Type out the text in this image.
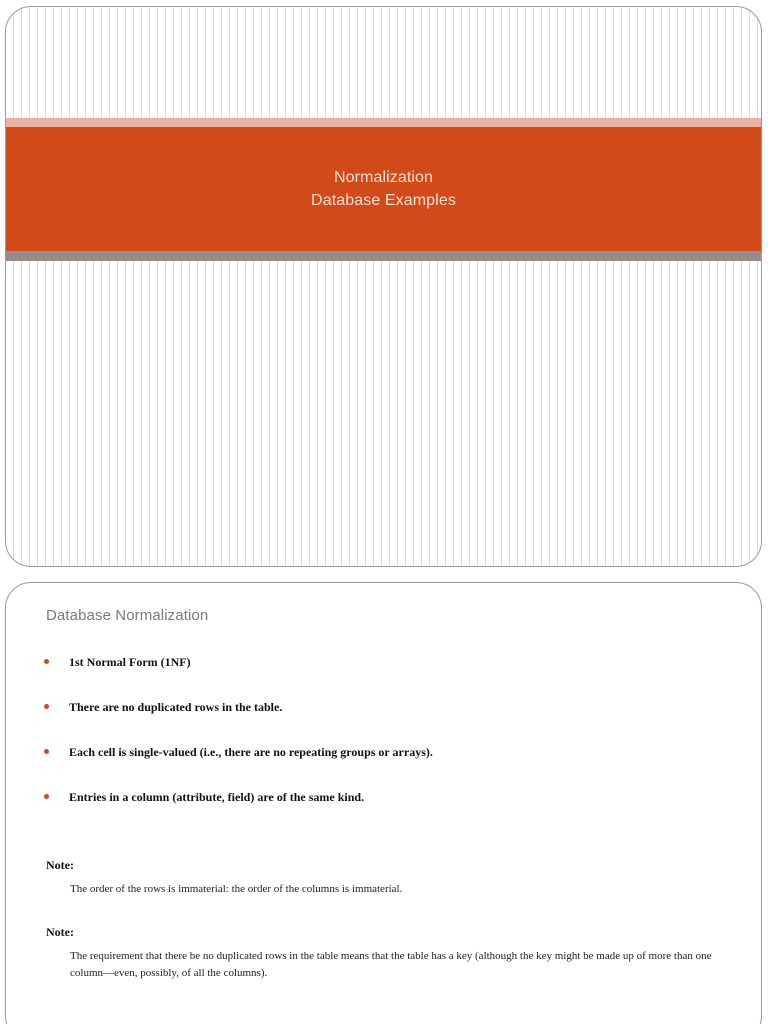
Normalization
Database Examples
Database Normalization
1st Normal Form (1NF)
There are no duplicated rows in the table.
Each cell is single-valued (i.e., there are no repeating groups or arrays).
Entries in a column (attribute, field) are of the same kind.
Note:
The order of the rows is immaterial: the order of the columns is immaterial.
Note:
The requirement that there be no duplicated rows in the table means that the table has a key (although the key might be made up of more than one column—even, possibly, of all the columns).
